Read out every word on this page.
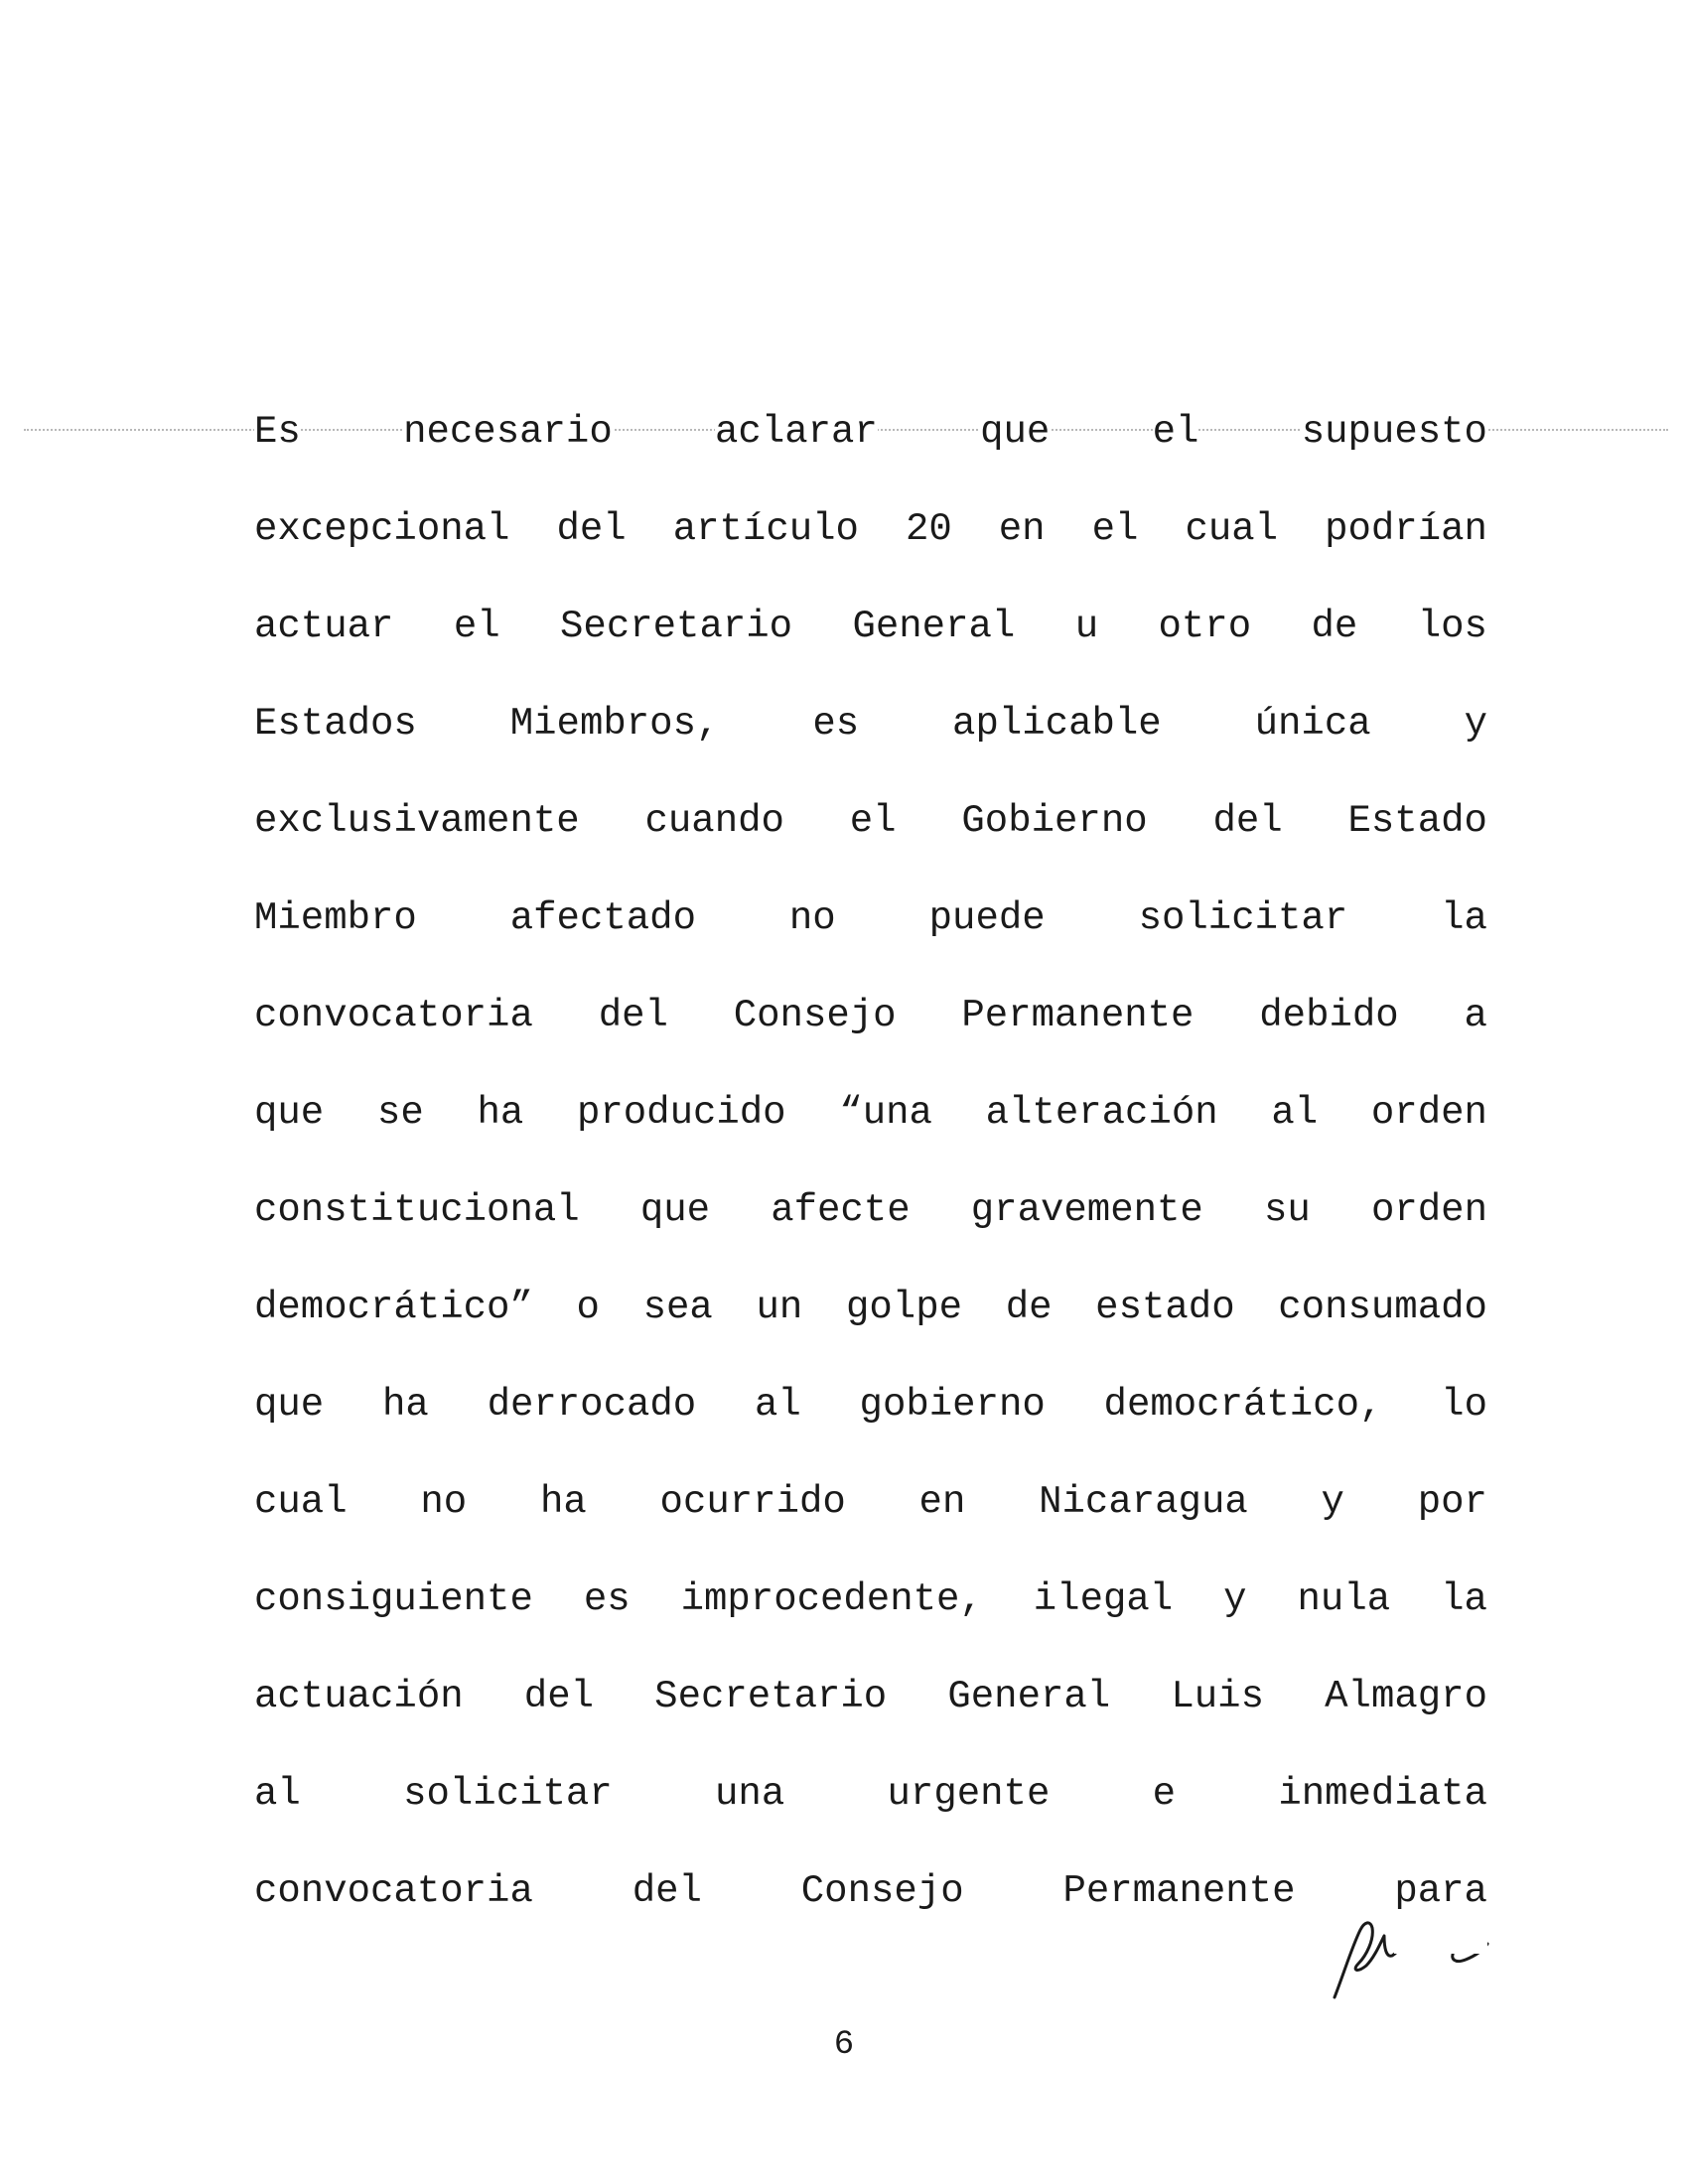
Es	necesario	aclarar	que	el	supuesto
excepcional del artículo 20 en el cual podrían
actuar el Secretario General u otro de los
Estados Miembros, es aplicable única y
exclusivamente cuando el Gobierno del Estado
Miembro afectado no puede solicitar la
convocatoria del Consejo Permanente debido a
que se ha producido “una alteración al orden
constitucional que afecte gravemente su orden
democrático” o sea un golpe de estado consumado
que ha derrocado al gobierno democrático, lo
cual no ha ocurrido en Nicaragua y por
consiguiente es improcedente, ilegal y nula la
actuación del Secretario General Luis Almagro
al	solicitar	una	urgente	e	inmediata
convocatoria	del	Consejo	Permanente	para
6
